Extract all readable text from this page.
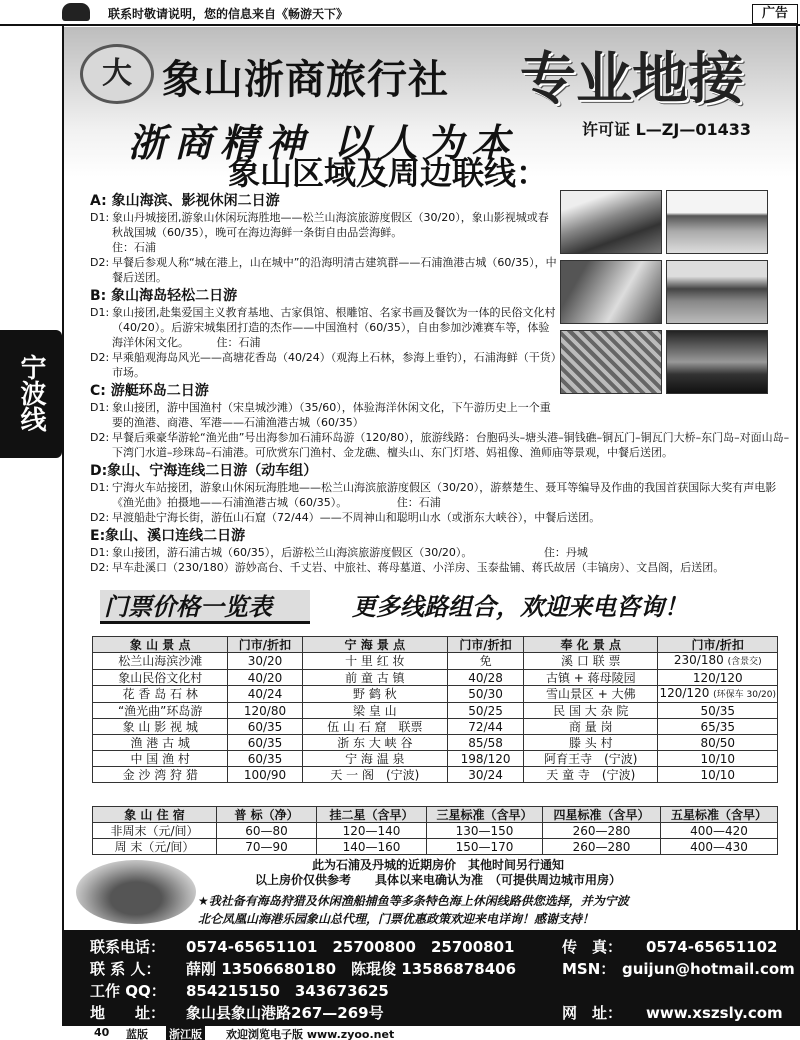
联系时敬请说明，您的信息来自《畅游天下》	广告
大 象山浙商旅行社 专业地接
浙商精神 以人为本	许可证 L—ZJ—01433
象山区域及周边联线：
宁波线
A: 象山海滨、影视休闲二日游
D1: 象山丹城接团,游象山休闲玩海胜地——松兰山海滨旅游度假区（30/20），象山影视城或春秋战国城（60/35），晚可在海边海鲜一条街自由品尝海鲜。　　　　　　　　　　　　　　　　　　　　　　住：石浦
D2: 早餐后参观人称“城在港上，山在城中”的沿海明清古建筑群——石浦渔港古城（60/35），中餐后送团。
B: 象山海岛轻松二日游
D1: 象山接团,赴集爱国主义教育基地、古家俱馆、根雕馆、名家书画及餐饮为一体的民俗文化村（40/20）。后游宋城集团打造的杰作——中国渔村（60/35），自由参加沙滩赛车等，体验海洋休闲文化。　　　住：石浦
D2: 早乘船观海岛风光——高塘花香岛（40/24）（观海上石林，参海上垂钓），石浦海鲜（干货）市场。
C: 游艇环岛二日游
D1: 象山接团，游中国渔村（宋皇城沙滩）（35/60），体验海洋休闲文化，下午游历史上一个重要的渔港、商港、军港——石浦渔港古城（60/35）
D2: 早餐后乘豪华游轮“渔光曲”号出海参加石浦环岛游（120/80），旅游线路：台胞码头–塘头港–铜钱礁–铜瓦门–铜瓦门大桥–东门岛–对面山岛–下湾门水道–珍珠岛–石浦港。可欣赏东门渔村、金龙礁、檀头山、东门灯塔、妈祖像、渔师庙等景观，中餐后送团。
D:象山、宁海连线二日游（动车组）
D1: 宁海火车站接团，游象山休闲玩海胜地——松兰山海滨旅游度假区（30/20），游蔡楚生、聂耳等编导及作曲的我国首获国际大奖有声电影《渔光曲》拍摄地——石浦渔港古城（60/35）。　　　　　住：石浦
D2: 早渡船赴宁海长街，游伍山石窟（72/44）——不周神山和聪明山水（或浙东大峡谷），中餐后送团。
E:象山、溪口连线二日游
D1: 象山接团，游石浦古城（60/35），后游松兰山海滨旅游度假区（30/20）。　　　　　　　住：丹城
D2: 早车赴溪口（230/180）游妙高台、千丈岩、中旅社、蒋母墓道、小洋房、玉泰盐铺、蒋氏故居（丰镐房）、文昌阁，后送团。
门票价格一览表	更多线路组合，欢迎来电咨询！
象 山 景 点	门市/折扣	宁 海 景 点	门市/折扣	奉 化 景 点	门市/折扣
松兰山海滨沙滩	30/20	十 里 红 妆	免	溪 口 联 票	230/180 (含景交)
象山民俗文化村	40/20	前 童 古 镇	40/28	古镇 + 蒋母陵园	120/120
花 香 岛 石 林	40/24	野 鹤 秋	50/30	雪山景区 + 大佛	120/120 (环保车 30/20)
“渔光曲”环岛游	120/80	梁 皇 山	50/25	民 国 大 杂 院	50/35
象 山 影 视 城	60/35	伍 山 石 窟　联票	72/44	商 量 岗	65/35
渔 港 古 城	60/35	浙 东 大 峡 谷	85/58	滕 头 村	80/50
中 国 渔 村	60/35	宁 海 温 泉	198/120	阿育王寺　(宁波)	10/10
金 沙 湾 狩 猎	100/90	天 一 阁　(宁波)	30/24	天 童 寺　(宁波)	10/10
象 山 住 宿	普 标（净）	挂二星（含早）	三星标准（含早）	四星标准（含早）	五星标准（含早）
非周末（元/间）	60—80	120—140	130—150	260—280	400—420
周 末（元/间）	70—90	140—160	150—170	260—280	400—430
此为石浦及丹城的近期房价　其他时间另行通知
以上房价仅供参考　　具体以来电确认为准　（可提供周边城市用房）
★我社备有海岛狩猎及休闲渔船捕鱼等多条特色海上休闲线路供您选择，并为宁波
北仑凤凰山海港乐园象山总代理，门票优惠政策欢迎来电详询！感谢支持！
联系电话： 0574-65651101　25700800　25700801	传　真： 0574-65651102
联 系 人： 薛刚 13506680180　陈琨俊 13586878406	MSN： guijun@hotmail.com
工作 QQ： 854215150　343673625
地　　址： 象山县象山港路267—269号	网　址： www.xszsly.com
40 蓝版 浙江版 欢迎浏览电子版 www.zyoo.net
